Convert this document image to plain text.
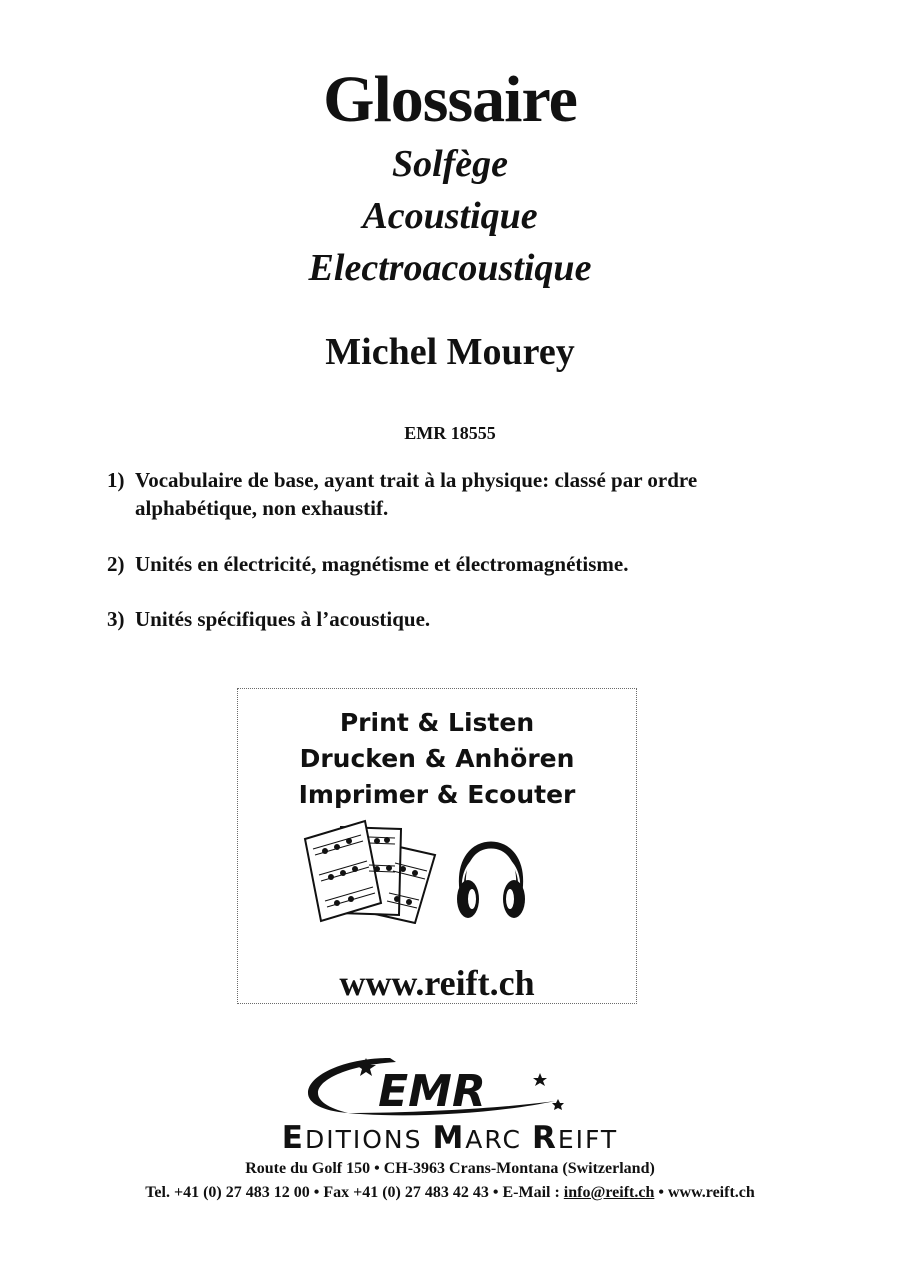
Glossaire
Solfège
Acoustique
Electroacoustique
Michel Mourey
EMR 18555
1) Vocabulaire de base, ayant trait à la physique: classé par ordre
alphabétique, non exhaustif.
2) Unités en électricité, magnétisme et électromagnétisme.
3) Unités spécifiques à l’acoustique.
Print & Listen
Drucken & Anhören
Imprimer & Ecouter
www.reift.ch
EMR
EDITIONS MARC REIFT
Route du Golf 150 • CH-3963 Crans-Montana (Switzerland)
Tel. +41 (0) 27 483 12 00 • Fax +41 (0) 27 483 42 43 • E-Mail : info@reift.ch • www.reift.ch
